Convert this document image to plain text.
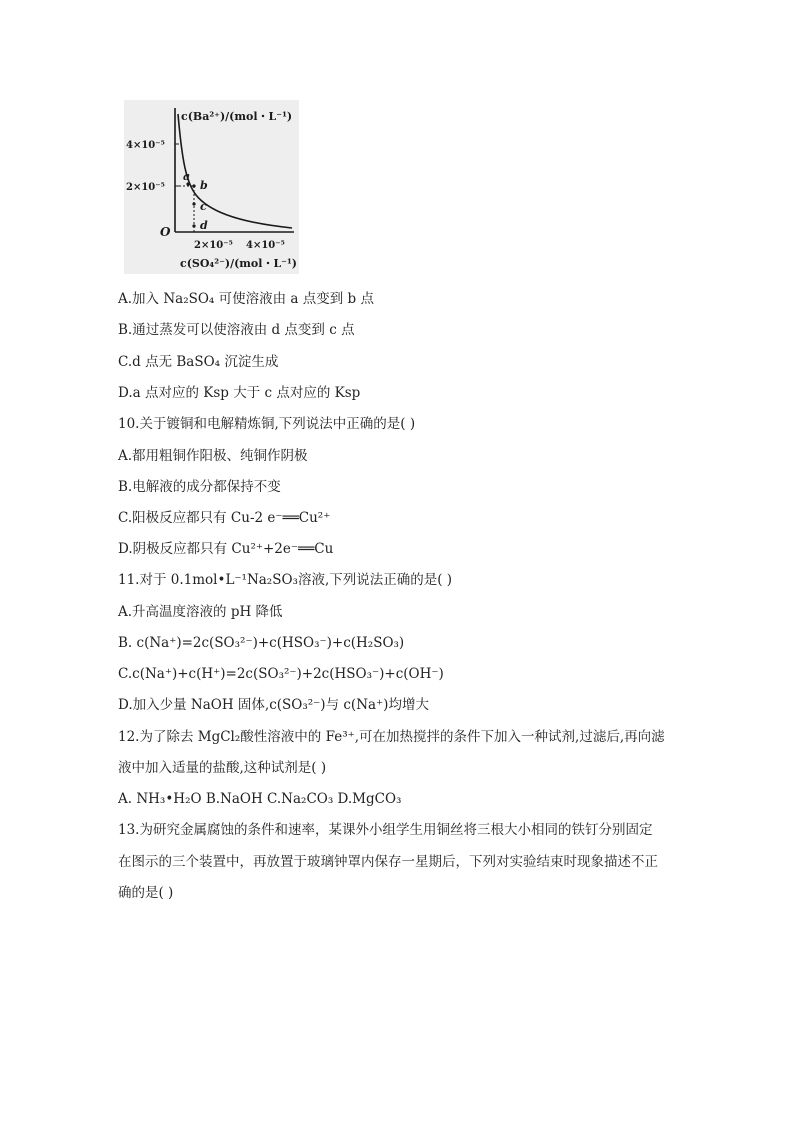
c(Ba²⁺)/(mol・L⁻¹)
4×10⁻⁵
2×10⁻⁵
O
2×10⁻⁵ 4×10⁻⁵
c(SO₄²⁻)/(mol・L⁻¹)
a
b
c
d
A.加入 Na₂SO₄ 可使溶液由 a 点变到 b 点
B.通过蒸发可以使溶液由 d 点变到 c 点
C.d 点无 BaSO₄ 沉淀生成
D.a 点对应的 Ksp 大于 c 点对应的 Ksp
10.关于镀铜和电解精炼铜,下列说法中正确的是( )
A.都用粗铜作阳极、纯铜作阴极
B.电解液的成分都保持不变
C.阳极反应都只有 Cu-2 e⁻══Cu²⁺
D.阴极反应都只有 Cu²⁺+2e⁻══Cu
11.对于 0.1mol•L⁻¹Na₂SO₃溶液,下列说法正确的是( )
A.升高温度溶液的 pH 降低
B. c(Na⁺)=2c(SO₃²⁻)+c(HSO₃⁻)+c(H₂SO₃)
C.c(Na⁺)+c(H⁺)=2c(SO₃²⁻)+2c(HSO₃⁻)+c(OH⁻)
D.加入少量 NaOH 固体,c(SO₃²⁻)与 c(Na⁺)均增大
12.为了除去 MgCl₂酸性溶液中的 Fe³⁺,可在加热搅拌的条件下加入一种试剂,过滤后,再向滤
液中加入适量的盐酸,这种试剂是( )
A. NH₃•H₂O B.NaOH C.Na₂CO₃ D.MgCO₃
13.为研究金属腐蚀的条件和速率，某课外小组学生用铜丝将三根大小相同的铁钉分别固定
在图示的三个装置中，再放置于玻璃钟罩内保存一星期后，下列对实验结束时现象描述不正
确的是( )
